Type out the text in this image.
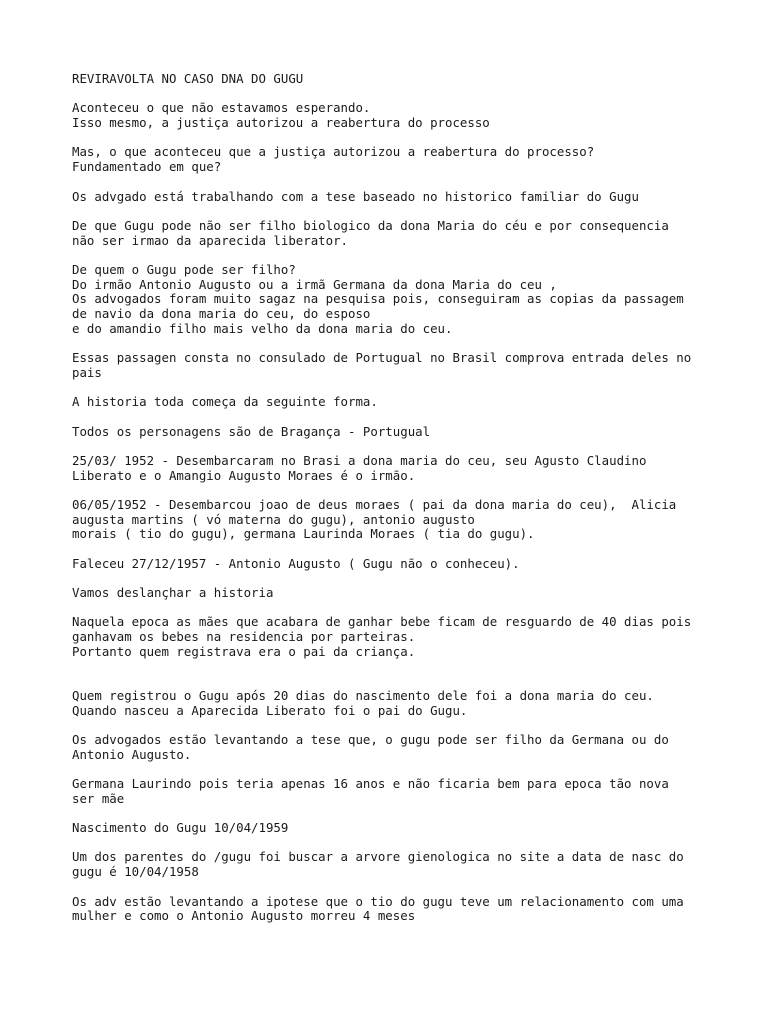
REVIRAVOLTA NO CASO DNA DO GUGU
Aconteceu o que não estavamos esperando.
Isso mesmo, a justiça autorizou a reabertura do processo
Mas, o que aconteceu que a justiça autorizou a reabertura do processo?
Fundamentado em que?
Os advgado está trabalhando com a tese baseado no historico familiar do Gugu
De que Gugu pode não ser filho biologico da dona Maria do céu e por consequencia
não ser irmao da aparecida liberator.
De quem o Gugu pode ser filho?
Do irmão Antonio Augusto ou a irmã Germana da dona Maria do ceu ,
Os advogados foram muito sagaz na pesquisa pois, conseguiram as copias da passagem
de navio da dona maria do ceu, do esposo
e do amandio filho mais velho da dona maria do ceu.
Essas passagen consta no consulado de Portugual no Brasil comprova entrada deles no
pais
A historia toda começa da seguinte forma.
Todos os personagens são de Bragança - Portugual
25/03/ 1952 - Desembarcaram no Brasi a dona maria do ceu, seu Agusto Claudino
Liberato e o Amangio Augusto Moraes é o irmão.
06/05/1952 - Desembarcou joao de deus moraes ( pai da dona maria do ceu),  Alicia
augusta martins ( vó materna do gugu), antonio augusto
morais ( tio do gugu), germana Laurinda Moraes ( tia do gugu).
Faleceu 27/12/1957 - Antonio Augusto ( Gugu não o conheceu).
Vamos deslançhar a historia
Naquela epoca as mães que acabara de ganhar bebe ficam de resguardo de 40 dias pois
ganhavam os bebes na residencia por parteiras.
Portanto quem registrava era o pai da criança.
Quem registrou o Gugu após 20 dias do nascimento dele foi a dona maria do ceu.
Quando nasceu a Aparecida Liberato foi o pai do Gugu.
Os advogados estão levantando a tese que, o gugu pode ser filho da Germana ou do
Antonio Augusto.
Germana Laurindo pois teria apenas 16 anos e não ficaria bem para epoca tão nova
ser mãe
Nascimento do Gugu 10/04/1959
Um dos parentes do /gugu foi buscar a arvore gienologica no site a data de nasc do
gugu é 10/04/1958
Os adv estão levantando a ipotese que o tio do gugu teve um relacionamento com uma
mulher e como o Antonio Augusto morreu 4 meses
